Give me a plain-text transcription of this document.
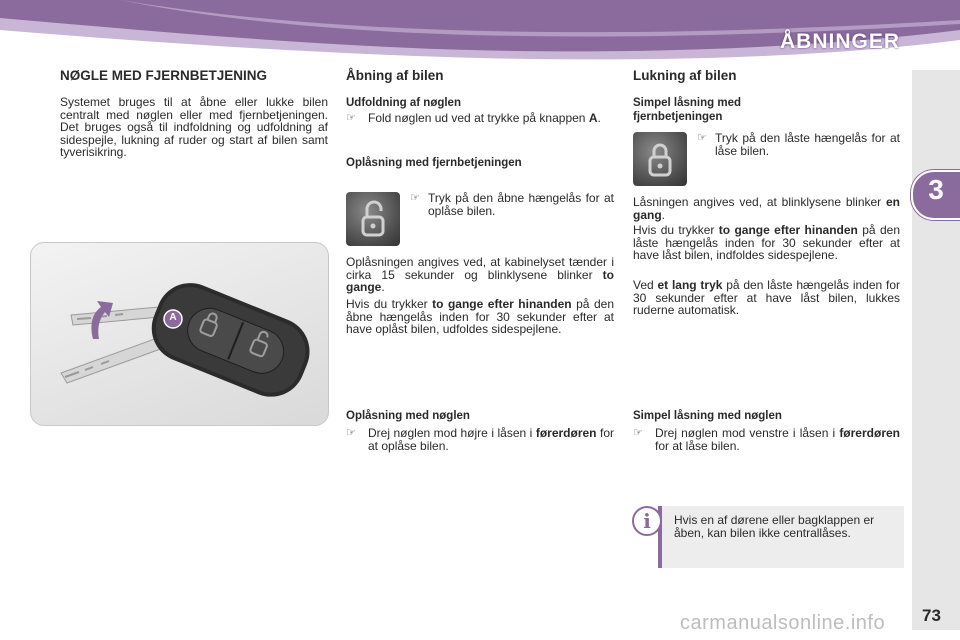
ÅBNINGER
3
NØGLE MED FJERNBETJENING

Systemet bruges til at åbne eller lukke bilen centralt med nøglen eller med fjernbetjeningen. Det bruges også til indfoldning og udfoldning af sidespejle, lukning af ruder og start af bilen samt tyverisikring.

A
Åbning af bilen
Udfoldning af nøglen
☞	Fold nøglen ud ved at trykke på knappen A.
Oplåsning med fjernbetjeningen
☞ Tryk på den åbne hængelås for at oplåse bilen.

Oplåsningen angives ved, at kabinelyset tænder i cirka 15 sekunder og blinklysene blinker to gange.

Hvis du trykker to gange efter hinanden på den åbne hængelås inden for 30 sekunder efter at have oplåst bilen, udfoldes sidespejlene.

Oplåsning med nøglen
☞	Drej nøglen mod højre i låsen i førerdøren for at oplåse bilen.
Lukning af bilen
Simpel låsning med fjernbetjeningen
☞ Tryk på den låste hængelås for at låse bilen.

Låsningen angives ved, at blinklysene blinker en gang.

Hvis du trykker to gange efter hinanden på den låste hængelås inden for 30 sekunder efter at have låst bilen, indfoldes sidespejlene.

Ved et lang tryk på den låste hængelås inden for 30 sekunder efter at have låst bilen, lukkes ruderne automatisk.

Simpel låsning med nøglen
☞	Drej nøglen mod venstre i låsen i førerdøren for at låse bilen.
i	Hvis en af dørene eller bagklappen er åben, kan bilen ikke centrallåses.
carmanualsonline.info 73
